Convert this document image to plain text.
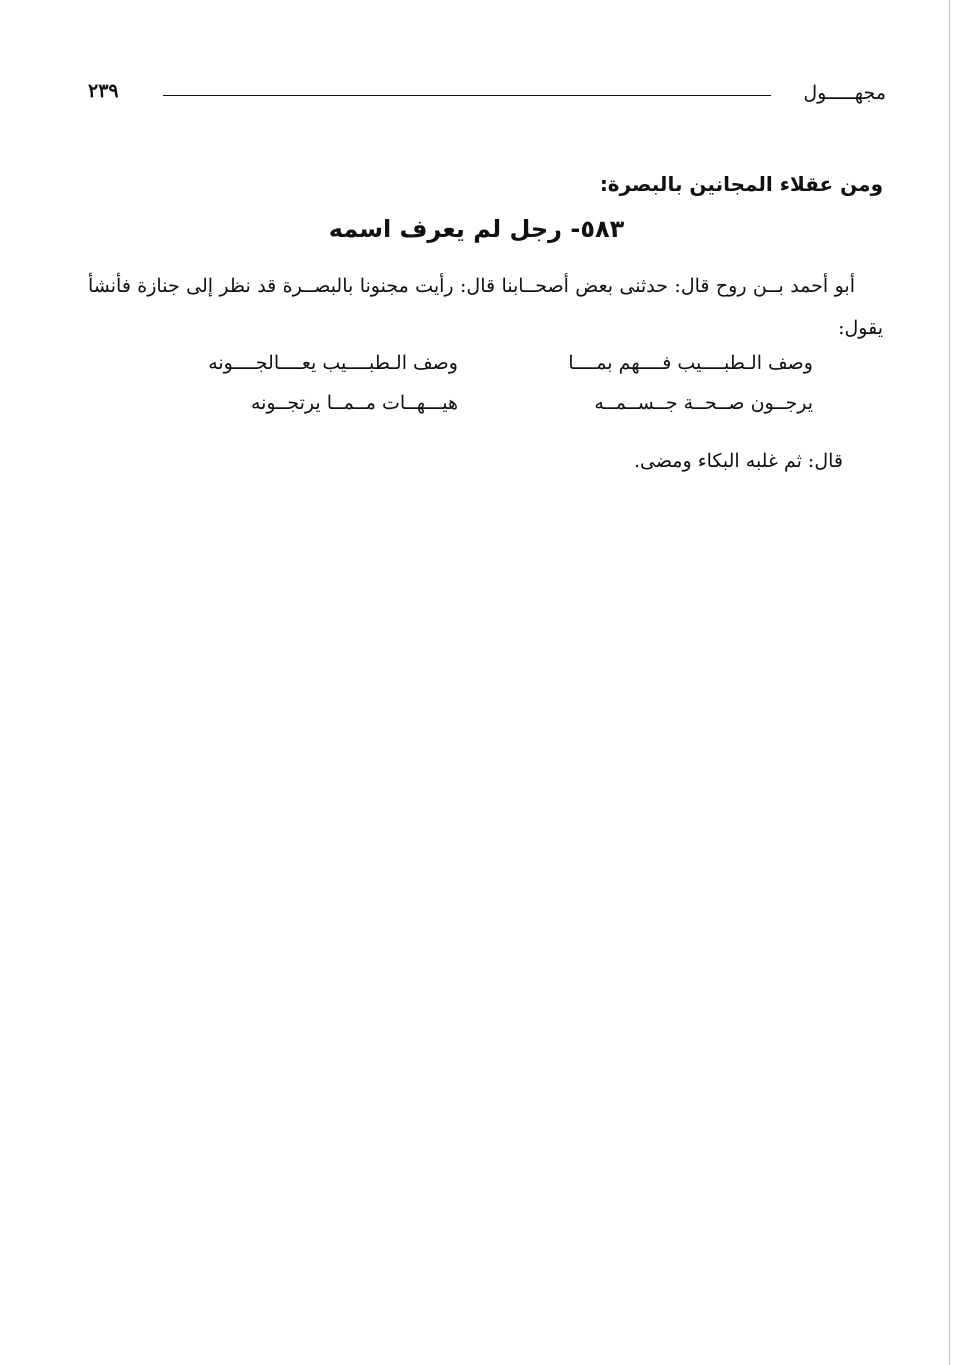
مجهـــــول
٢٣٩
ومن عقلاء المجانين بالبصرة:
٥٨٣- رجل لم يعرف اسمه
أبو أحمد بــن روح قال: حدثنى بعض أصحــابنا قال: رأيت مجنونا بالبصــرة قد نظر إلى جنازة فأنشأ يقول:
وصف الـطبــــيب فــــهم بمــــا
وصف الـطبــــيب يعــــالجــــونه
يرجــون صــحــة جــســمــه
هيـــهــات مــمــا يرتجــونه
قال: ثم غلبه البكاء ومضى.
